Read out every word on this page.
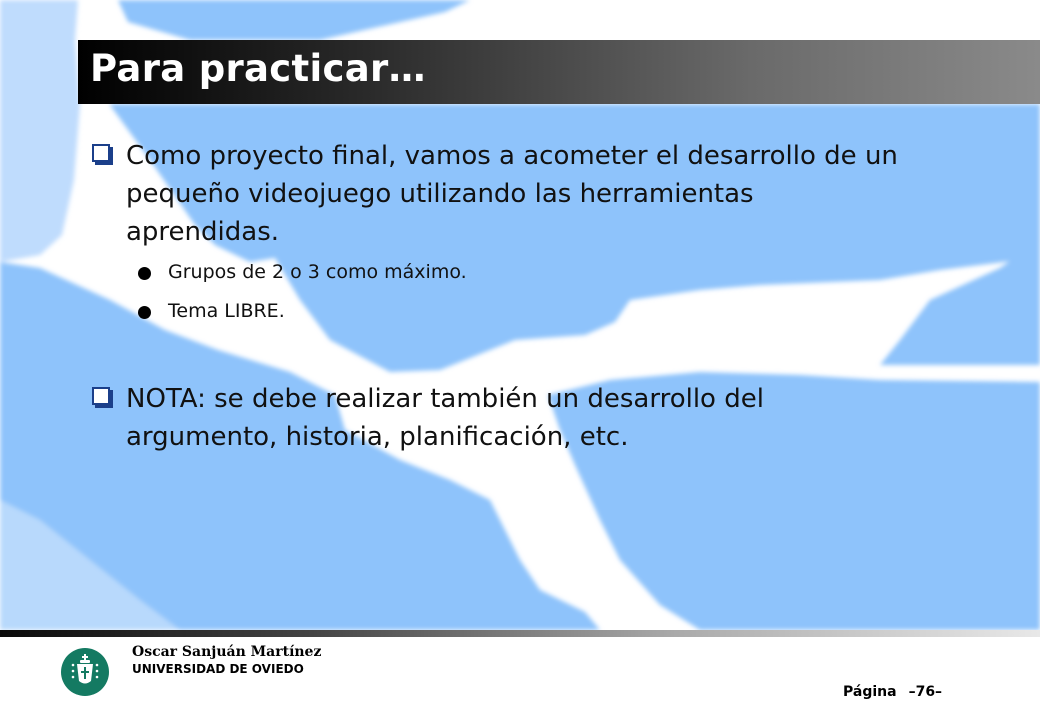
Para practicar…
Como proyecto final, vamos a acometer el desarrollo de un pequeño videojuego utilizando las herramientas aprendidas.
Grupos de 2 o 3 como máximo.
Tema LIBRE.
NOTA: se debe realizar también un desarrollo del argumento, historia, planificación, etc.
Oscar Sanjuán Martínez
UNIVERSIDAD DE OVIEDO
Página –76–
